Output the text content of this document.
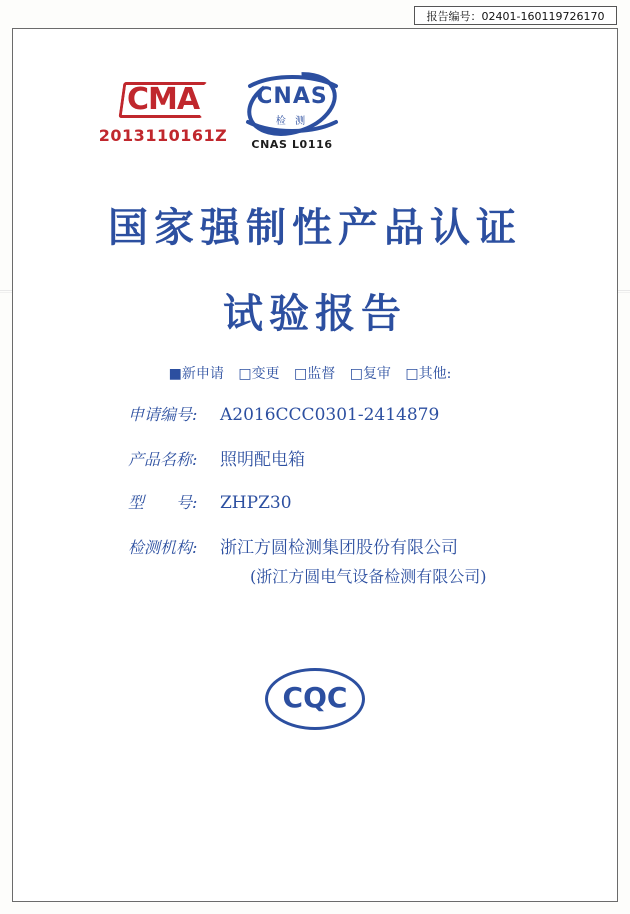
报告编号：02401-160119726170
CMA
2013110161Z
CNAS
检 测
CNAS L0116
国家强制性产品认证
试验报告
■新申请 □变更 □监督 □复审 □其他:
申请编号:	A2016CCC0301-2414879
产品名称:	照明配电箱
型　　号:	ZHPZ30
检测机构:	浙江方圆检测集团股份有限公司
(浙江方圆电气设备检测有限公司)
CQC
